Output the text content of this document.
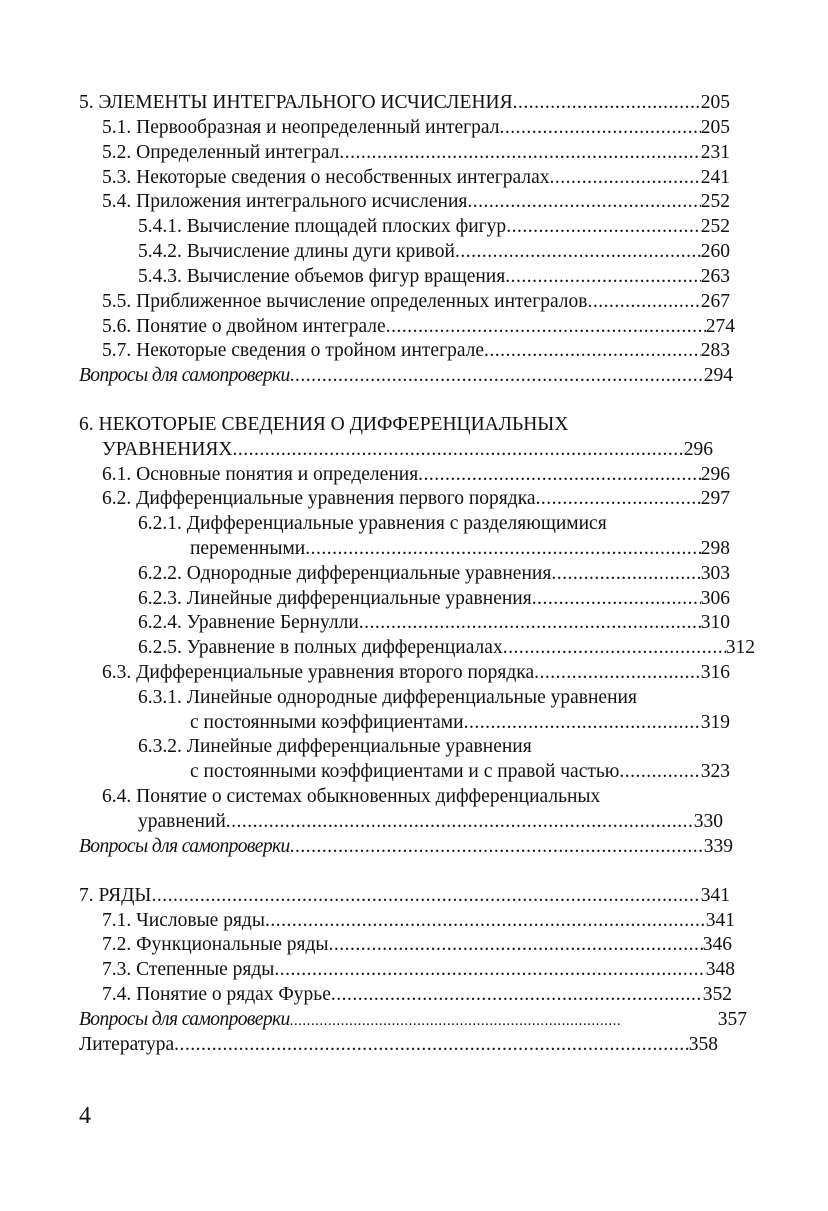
5. ЭЛЕМЕНТЫ ИНТЕГРАЛЬНОГО ИСЧИСЛЕНИЯ .....	205
5.1. Первообразная и неопределенный интеграл .....	205
5.2. Определенный интеграл .....	231
5.3. Некоторые сведения о несобственных интегралах .....	241
5.4. Приложения интегрального исчисления .....	252
5.4.1. Вычисление площадей плоских фигур .....	252
5.4.2. Вычисление длины дуги кривой .....	260
5.4.3. Вычисление объемов фигур вращения .....	263
5.5. Приближенное вычисление определенных интегралов .....	267
5.6. Понятие о двойном интеграле .....	274
5.7. Некоторые сведения о тройном интеграле .....	283
Вопросы для самопроверки .....	294
6. НЕКОТОРЫЕ СВЕДЕНИЯ О ДИФФЕРЕНЦИАЛЬНЫХ
УРАВНЕНИЯХ .....	296
6.1. Основные понятия и определения .....	296
6.2. Дифференциальные уравнения первого порядка .....	297
6.2.1. Дифференциальные уравнения с разделяющимися
переменными .....	298
6.2.2. Однородные дифференциальные уравнения .....	303
6.2.3. Линейные дифференциальные уравнения .....	306
6.2.4. Уравнение Бернулли .....	310
6.2.5. Уравнение в полных дифференциалах .....	312
6.3. Дифференциальные уравнения второго порядка .....	316
6.3.1. Линейные однородные дифференциальные уравнения
с постоянными коэффициентами .....	319
6.3.2. Линейные дифференциальные уравнения
с постоянными коэффициентами и с правой частью .....	323
6.4. Понятие о системах обыкновенных дифференциальных
уравнений .....	330
Вопросы для самопроверки .....	339
7. РЯДЫ .....	341
7.1. Числовые ряды .....	341
7.2. Функциональные ряды .....	346
7.3. Степенные ряды .....	348
7.4. Понятие о рядах Фурье .....	352
Вопросы для самопроверки .....	357
Литература .....	358
4
